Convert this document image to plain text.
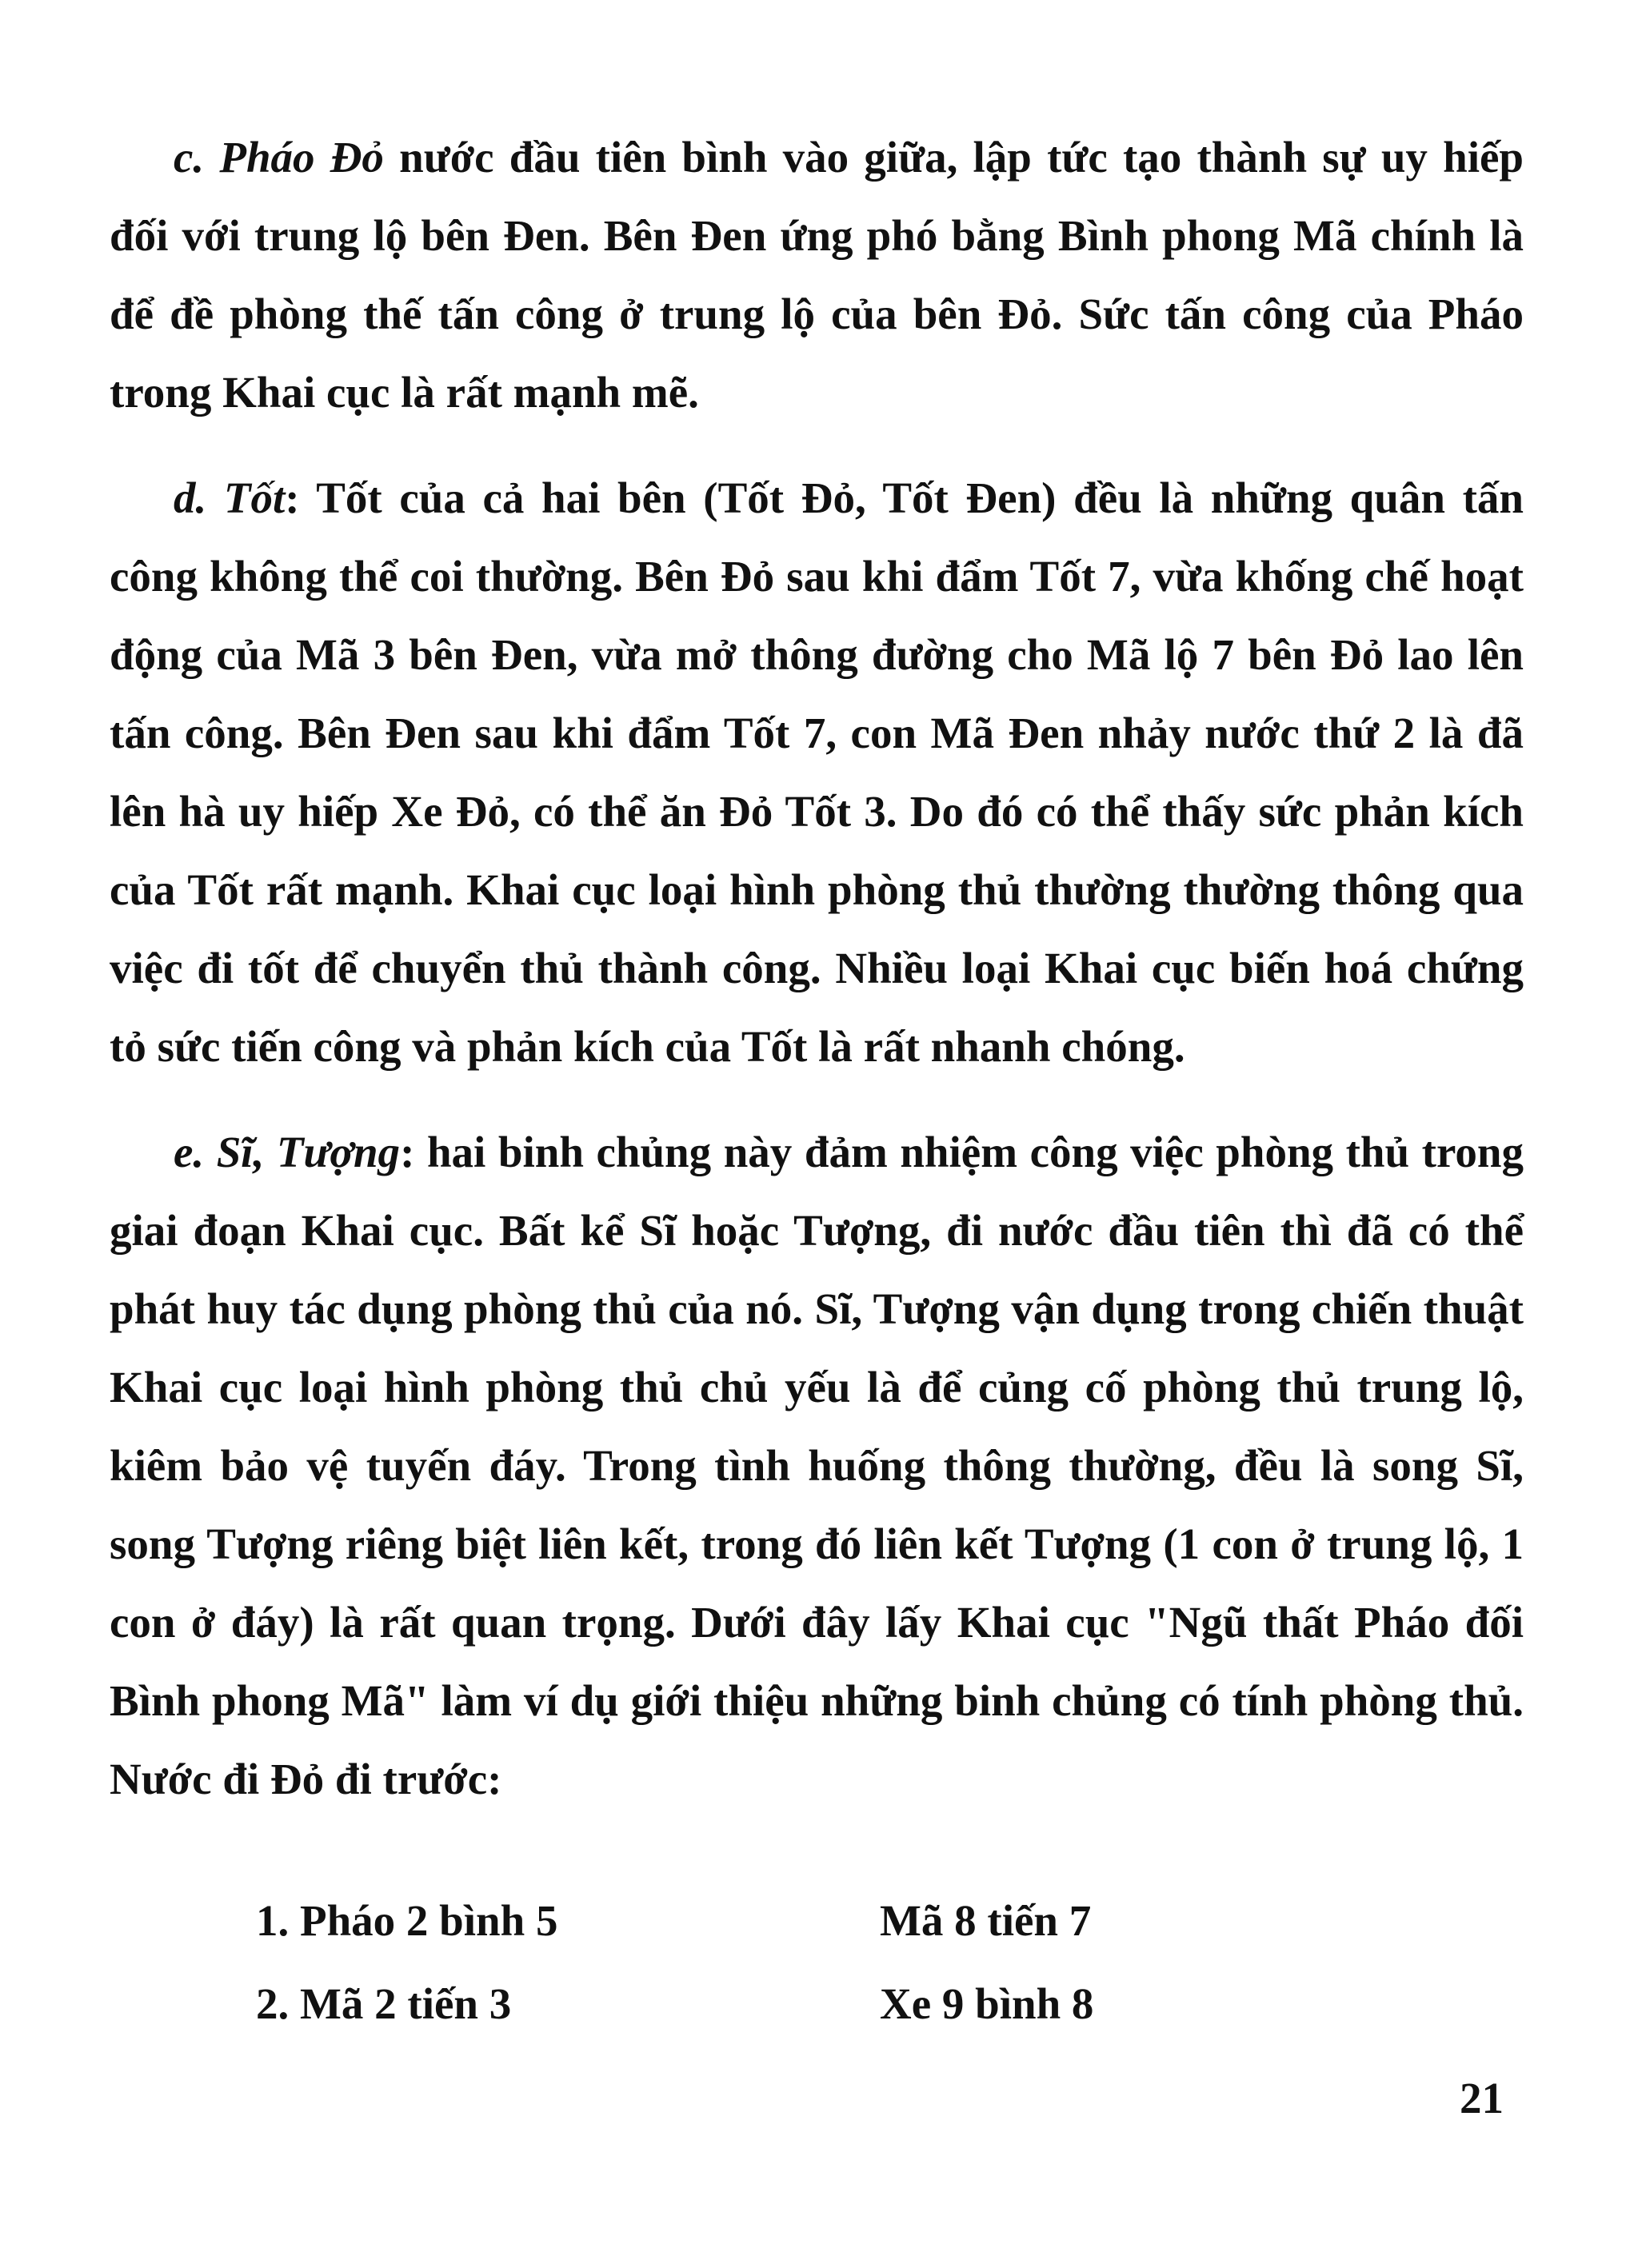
c. Pháo Đỏ nước đầu tiên bình vào giữa, lập tức tạo thành sự uy hiếp đối với trung lộ bên Đen. Bên Đen ứng phó bằng Bình phong Mã chính là để đề phòng thế tấn công ở trung lộ của bên Đỏ. Sức tấn công của Pháo trong Khai cục là rất mạnh mẽ.

d. Tốt: Tốt của cả hai bên (Tốt Đỏ, Tốt Đen) đều là những quân tấn công không thể coi thường. Bên Đỏ sau khi đẩm Tốt 7, vừa khống chế hoạt động của Mã 3 bên Đen, vừa mở thông đường cho Mã lộ 7 bên Đỏ lao lên tấn công. Bên Đen sau khi đẩm Tốt 7, con Mã Đen nhảy nước thứ 2 là đã lên hà uy hiếp Xe Đỏ, có thể ăn Đỏ Tốt 3. Do đó có thể thấy sức phản kích của Tốt rất mạnh. Khai cục loại hình phòng thủ thường thường thông qua việc đi tốt để chuyển thủ thành công. Nhiều loại Khai cục biến hoá chứng tỏ sức tiến công và phản kích của Tốt là rất nhanh chóng.

e. Sĩ, Tượng: hai binh chủng này đảm nhiệm công việc phòng thủ trong giai đoạn Khai cục. Bất kể Sĩ hoặc Tượng, đi nước đầu tiên thì đã có thể phát huy tác dụng phòng thủ của nó. Sĩ, Tượng vận dụng trong chiến thuật Khai cục loại hình phòng thủ chủ yếu là để củng cố phòng thủ trung lộ, kiêm bảo vệ tuyến đáy. Trong tình huống thông thường, đều là song Sĩ, song Tượng riêng biệt liên kết, trong đó liên kết Tượng (1 con ở trung lộ, 1 con ở đáy) là rất quan trọng. Dưới đây lấy Khai cục "Ngũ thất Pháo đối Bình phong Mã" làm ví dụ giới thiệu những binh chủng có tính phòng thủ. Nước đi Đỏ đi trước:

1. Pháo 2 bình 5	Mã 8 tiến 7
2. Mã 2 tiến 3	Xe 9 bình 8
21
